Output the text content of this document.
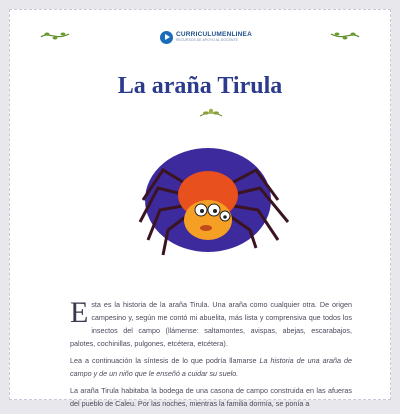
CURRICULUMENLINEA
RECURSOS DE APOYO AL DOCENTE
La araña Tirula

E sta es la historia de la araña Tirula. Una araña como cualquier otra. De origen campesino y, según me contó mi abuelita, más lista y comprensiva que todos los insectos del campo (llámense: saltamontes, avispas, abejas, escarabajos, palotes, cochinillas, pulgones, etcétera, etcétera).

Lea a continuación la síntesis de lo que podría llamarse La historia de una araña de campo y de un niño que le enseñó a cuidar su suelo.

La araña Tirula habitaba la bodega de una casona de campo construida en las afueras del pueblo de Caleu. Por las noches, mientras la familia dormía, se ponía a
